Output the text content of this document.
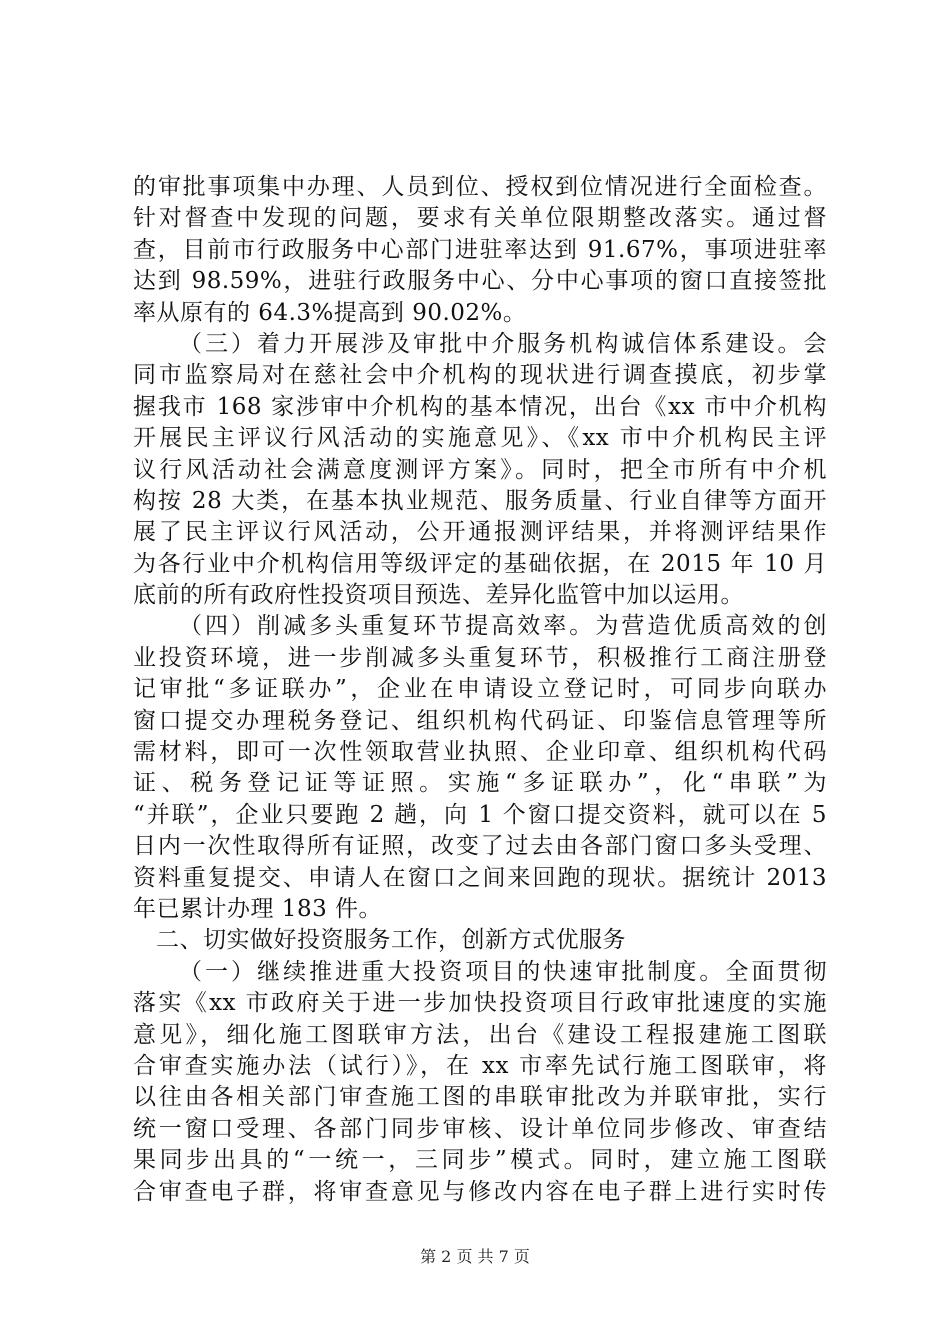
的审批事项集中办理、人员到位、授权到位情况进行全面检查。
针对督查中发现的问题，要求有关单位限期整改落实。通过督
查，目前市行政服务中心部门进驻率达到 91.67%，事项进驻率
达到 98.59%，进驻行政服务中心、分中心事项的窗口直接签批
率从原有的 64.3%提高到 90.02%。
（三）着力开展涉及审批中介服务机构诚信体系建设。会
同市监察局对在慈社会中介机构的现状进行调查摸底，初步掌
握我市 168 家涉审中介机构的基本情况，出台《xx 市中介机构
开展民主评议行风活动的实施意见》、《xx 市中介机构民主评
议行风活动社会满意度测评方案》。同时，把全市所有中介机
构按 28 大类，在基本执业规范、服务质量、行业自律等方面开
展了民主评议行风活动，公开通报测评结果，并将测评结果作
为各行业中介机构信用等级评定的基础依据，在 2015 年 10 月
底前的所有政府性投资项目预选、差异化监管中加以运用。
（四）削减多头重复环节提高效率。为营造优质高效的创
业投资环境，进一步削减多头重复环节，积极推行工商注册登
记审批“多证联办”，企业在申请设立登记时，可同步向联办
窗口提交办理税务登记、组织机构代码证、印鉴信息管理等所
需材料，即可一次性领取营业执照、企业印章、组织机构代码
证、税务登记证等证照。实施“多证联办”，化“串联”为
“并联”，企业只要跑 2 趟，向 1 个窗口提交资料，就可以在 5
日内一次性取得所有证照，改变了过去由各部门窗口多头受理、
资料重复提交、申请人在窗口之间来回跑的现状。据统计 2013
年已累计办理 183 件。
二、切实做好投资服务工作，创新方式优服务
（一）继续推进重大投资项目的快速审批制度。全面贯彻
落实《xx 市政府关于进一步加快投资项目行政审批速度的实施
意见》，细化施工图联审方法，出台《建设工程报建施工图联
合审查实施办法（试行）》，在 xx 市率先试行施工图联审，将
以往由各相关部门审查施工图的串联审批改为并联审批，实行
统一窗口受理、各部门同步审核、设计单位同步修改、审查结
果同步出具的“一统一，三同步”模式。同时，建立施工图联
合审查电子群，将审查意见与修改内容在电子群上进行实时传
第 2 页 共 7 页
